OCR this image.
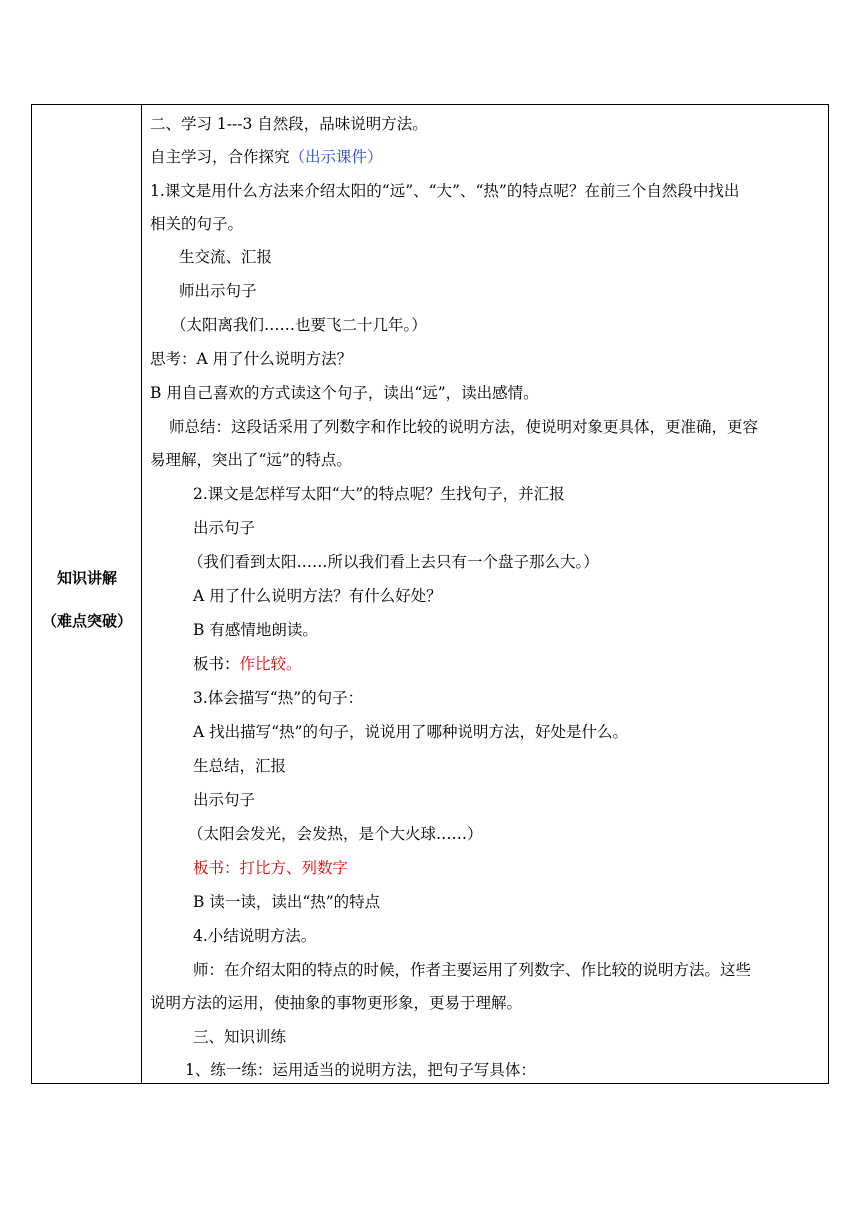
知识讲解
（难点突破）
二、学习 1---3 自然段，品味说明方法。
自主学习，合作探究（出示课件）
1.课文是用什么方法来介绍太阳的“远”、“大”、“热”的特点呢？在前三个自然段中找出
相关的句子。
生交流、汇报
师出示句子
（太阳离我们……也要飞二十几年。）
思考：A 用了什么说明方法？
B 用自己喜欢的方式读这个句子，读出“远”，读出感情。
师总结：这段话采用了列数字和作比较的说明方法，使说明对象更具体，更准确，更容
易理解，突出了“远”的特点。
2.课文是怎样写太阳“大”的特点呢？生找句子，并汇报
出示句子
（我们看到太阳……所以我们看上去只有一个盘子那么大。）
A 用了什么说明方法？有什么好处？
B 有感情地朗读。
板书：作比较。
3.体会描写“热”的句子：
A 找出描写“热”的句子，说说用了哪种说明方法，好处是什么。
生总结，汇报
出示句子
（太阳会发光，会发热，是个大火球……）
板书：打比方、列数字
B 读一读，读出“热”的特点
4.小结说明方法。
师：在介绍太阳的特点的时候，作者主要运用了列数字、作比较的说明方法。这些
说明方法的运用，使抽象的事物更形象，更易于理解。
三、知识训练
1、练一练：运用适当的说明方法，把句子写具体：
